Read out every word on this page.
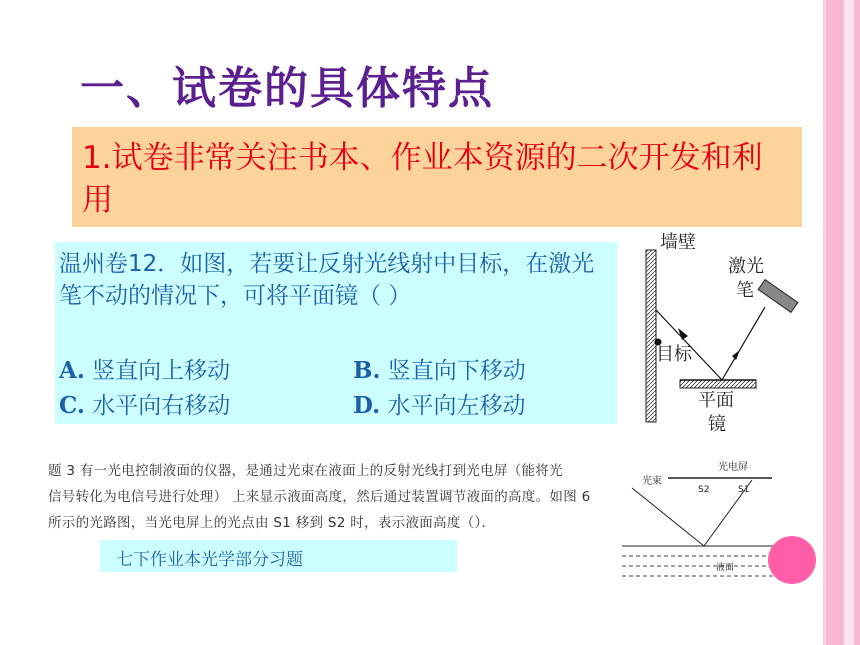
一、试卷的具体特点
1.试卷非常关注书本、作业本资源的二次开发和利用
温州卷12．如图，若要让反射光线射中目标，在激光笔不动的情况下，可将平面镜（ ）
A. 竖直向上移动	B. 竖直向下移动
C. 水平向右移动	D. 水平向左移动
墙壁
激光
笔
目标
平面
镜
题 3 有一光电控制液面的仪器，是通过光束在液面上的反射光线打到光电屏（能将光
信号转化为电信号进行处理） 上来显示液面高度，然后通过装置调节液面的高度。如图 6
所示的光路图，当光电屏上的光点由 S1 移到 S2 时，表示液面高度（）．
七下作业本光学部分习题
光电屏
光束
S2	S1
液面
